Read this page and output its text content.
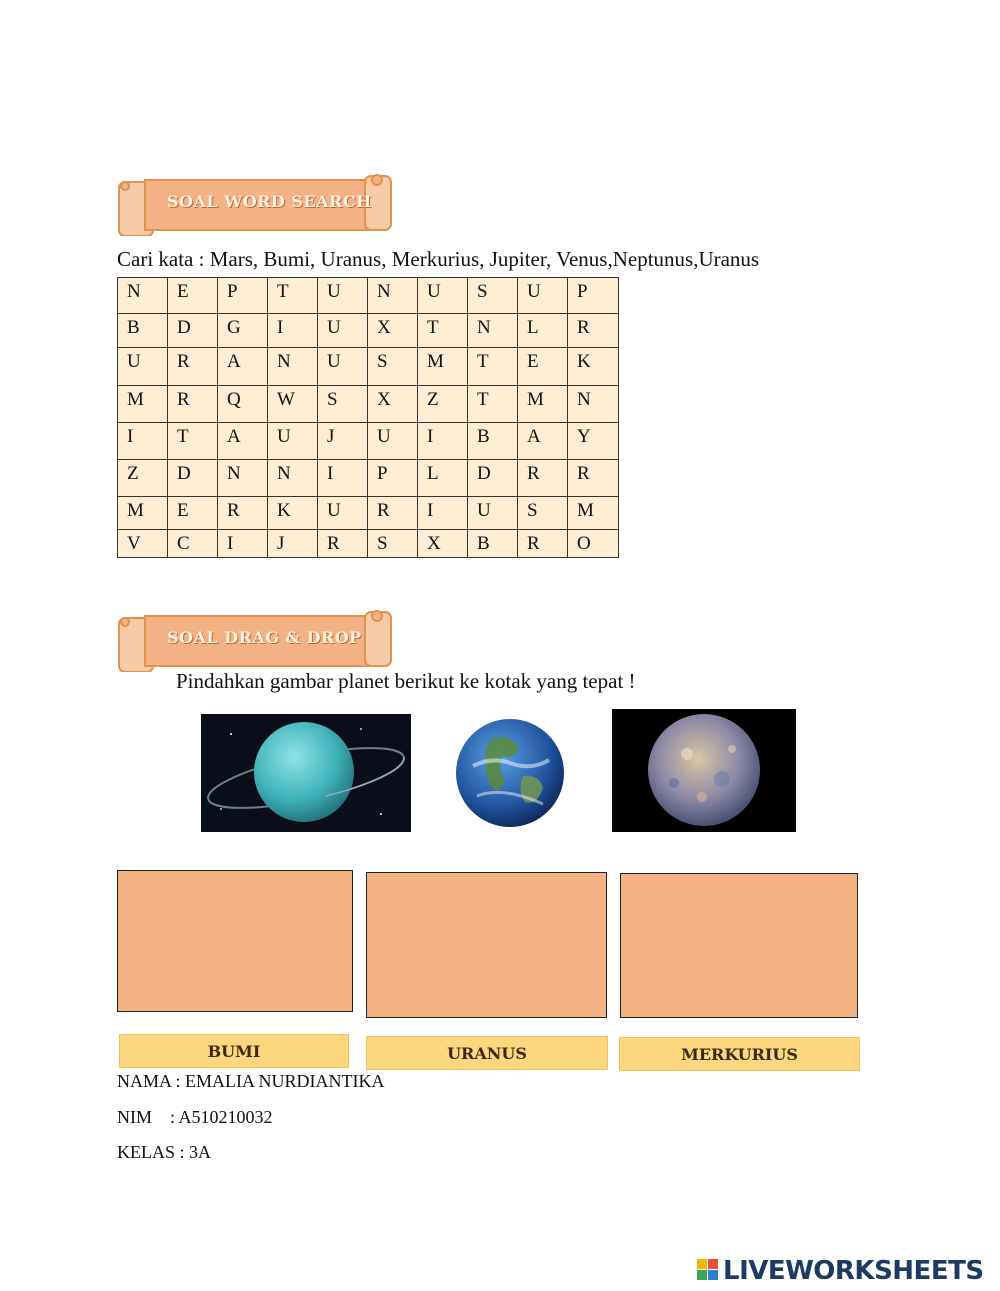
SOAL WORD SEARCH
Cari kata : Mars, Bumi, Uranus, Merkurius, Jupiter, Venus,Neptunus,Uranus
N	E	P	T	U	N	U	S	U	P
B	D	G	I	U	X	T	N	L	R
U	R	A	N	U	S	M	T	E	K
M	R	Q	W	S	X	Z	T	M	N
I	T	A	U	J	U	I	B	A	Y
Z	D	N	N	I	P	L	D	R	R
M	E	R	K	U	R	I	U	S	M
V	C	I	J	R	S	X	B	R	O
SOAL DRAG & DROP
Pindahkan gambar planet berikut ke kotak yang tepat !
BUMI	URANUS	MERKURIUS
NAMA : EMALIA NURDIANTIKA
NIM    : A510210032
KELAS : 3A
LIVEWORKSHEETS
